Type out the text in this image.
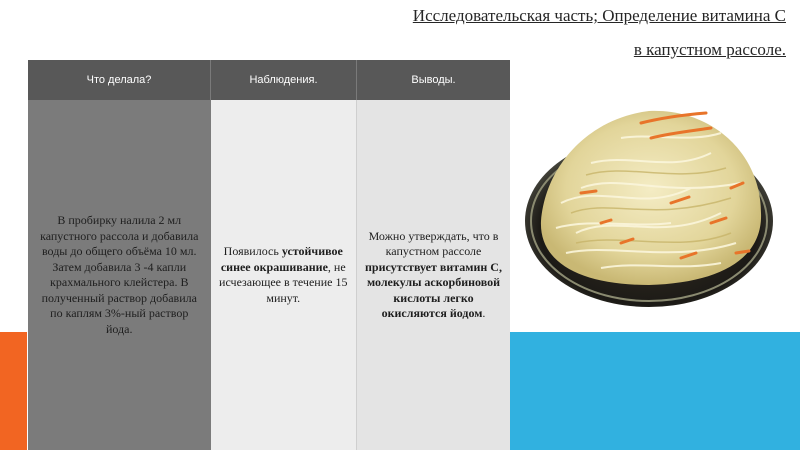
Исследовательская часть; Определение витамина С
в капустном рассоле.
Что делала?	Наблюдения.	Выводы.
В пробирку налила 2 мл капустного рассола и добавила воды до общего объёма 10 мл. Затем добавила 3 -4 капли крахмального клейстера. В полученный раствор добавила по каплям 3%-ный раствор йода.	Появилось устойчивое синее окрашивание, не исчезающее в течение 15 минут.	Можно утверждать, что в капустном рассоле присутствует витамин С, молекулы аскорбиновой кислоты легко окисляются йодом.
